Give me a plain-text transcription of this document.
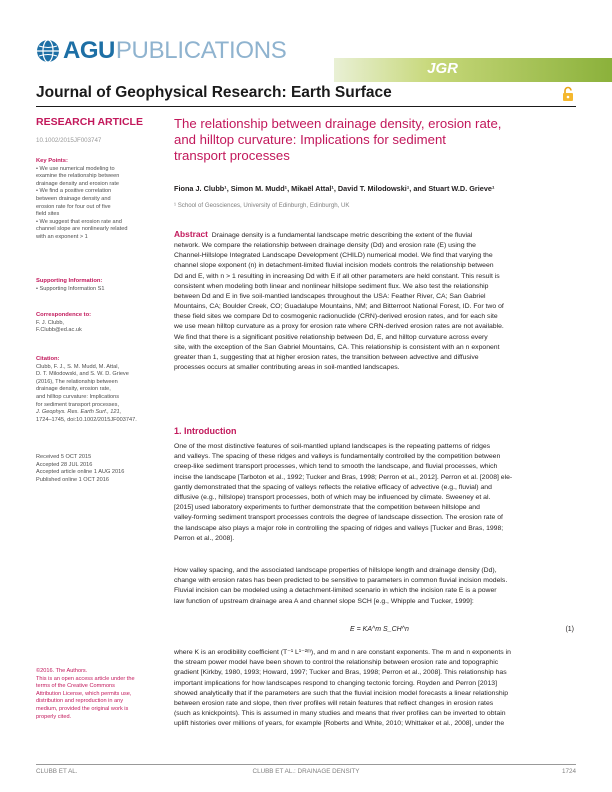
AGU PUBLICATIONS
JGR
Journal of Geophysical Research: Earth Surface
RESEARCH ARTICLE
10.1002/2015JF003747
Key Points:
• We use numerical modeling to
examine the relationship between
drainage density and erosion rate
• We find a positive correlation
between drainage density and
erosion rate for four out of five
field sites
• We suggest that erosion rate and
channel slope are nonlinearly related
with an exponent > 1
Supporting Information:
• Supporting Information S1
Correspondence to:
F. J. Clubb,
F.Clubb@ed.ac.uk
Citation:
Clubb, F. J., S. M. Mudd, M. Attal,
D. T. Milodowski, and S. W. D. Grieve
(2016), The relationship between
drainage density, erosion rate,
and hilltop curvature: Implications
for sediment transport processes,
J. Geophys. Res. Earth Surf., 121,
1724–1745, doi:10.1002/2015JF003747.
Received 5 OCT 2015
Accepted 28 JUL 2016
Accepted article online 1 AUG 2016
Published online 1 OCT 2016
©2016. The Authors.
This is an open access article under the
terms of the Creative Commons
Attribution License, which permits use,
distribution and reproduction in any
medium, provided the original work is
properly cited.
The relationship between drainage density, erosion rate,
and hilltop curvature: Implications for sediment
transport processes
Fiona J. Clubb¹, Simon M. Mudd¹, Mikaël Attal¹, David T. Milodowski¹, and Stuart W.D. Grieve¹
¹ School of Geosciences, University of Edinburgh, Edinburgh, UK
Abstract Drainage density is a fundamental landscape metric describing the extent of the fluvial
network. We compare the relationship between drainage density (Dd) and erosion rate (E) using the
Channel-Hillslope Integrated Landscape Development (CHILD) numerical model. We find that varying the
channel slope exponent (n) in detachment-limited fluvial incision models controls the relationship between
Dd and E, with n > 1 resulting in increasing Dd with E if all other parameters are held constant. This result is
consistent when modeling both linear and nonlinear hillslope sediment flux. We also test the relationship
between Dd and E in five soil-mantled landscapes throughout the USA: Feather River, CA; San Gabriel
Mountains, CA; Boulder Creek, CO; Guadalupe Mountains, NM; and Bitterroot National Forest, ID. For two of
these field sites we compare Dd to cosmogenic radionuclide (CRN)-derived erosion rates, and for each site
we use mean hilltop curvature as a proxy for erosion rate where CRN-derived erosion rates are not available.
We find that there is a significant positive relationship between Dd, E, and hilltop curvature across every
site, with the exception of the San Gabriel Mountains, CA. This relationship is consistent with an n exponent
greater than 1, suggesting that at higher erosion rates, the transition between advective and diffusive
processes occurs at smaller contributing areas in soil-mantled landscapes.
1. Introduction
One of the most distinctive features of soil-mantled upland landscapes is the repeating patterns of ridges
and valleys. The spacing of these ridges and valleys is fundamentally controlled by the competition between
creep-like sediment transport processes, which tend to smooth the landscape, and fluvial processes, which
incise the landscape [Tarboton et al., 1992; Tucker and Bras, 1998; Perron et al., 2012]. Perron et al. [2008] ele-
gantly demonstrated that the spacing of valleys reflects the relative efficacy of advective (e.g., fluvial) and
diffusive (e.g., hillslope) transport processes, both of which may be influenced by climate. Sweeney et al.
[2015] used laboratory experiments to further demonstrate that the competition between hillslope and
valley-forming sediment transport processes controls the degree of landscape dissection. The erosion rate of
the landscape also plays a major role in controlling the spacing of ridges and valleys [Tucker and Bras, 1998;
Perron et al., 2008].
How valley spacing, and the associated landscape properties of hillslope length and drainage density (Dd),
change with erosion rates has been predicted to be sensitive to parameters in common fluvial incision models.
Fluvial incision can be modeled using a detachment-limited scenario in which the incision rate E is a power
law function of upstream drainage area A and channel slope SCH [e.g., Whipple and Tucker, 1999]:
E = KA^m S_CH^n	(1)
where K is an erodibility coefficient (T⁻¹ L¹⁻²ᵐ), and m and n are constant exponents. The m and n exponents in
the stream power model have been shown to control the relationship between erosion rate and topographic
gradient [Kirkby, 1980, 1993; Howard, 1997; Tucker and Bras, 1998; Perron et al., 2008]. This relationship has
important implications for how landscapes respond to changing tectonic forcing. Royden and Perron [2013]
showed analytically that if the parameters are such that the fluvial incision model forecasts a linear relationship
between erosion rate and slope, then river profiles will retain features that reflect changes in erosion rates
(such as knickpoints). This is assumed in many studies and means that river profiles can be inverted to obtain
uplift histories over millions of years, for example [Roberts and White, 2010; Whittaker et al., 2008], under the
CLUBB ET AL.	CLUBB ET AL.: DRAINAGE DENSITY	1724
